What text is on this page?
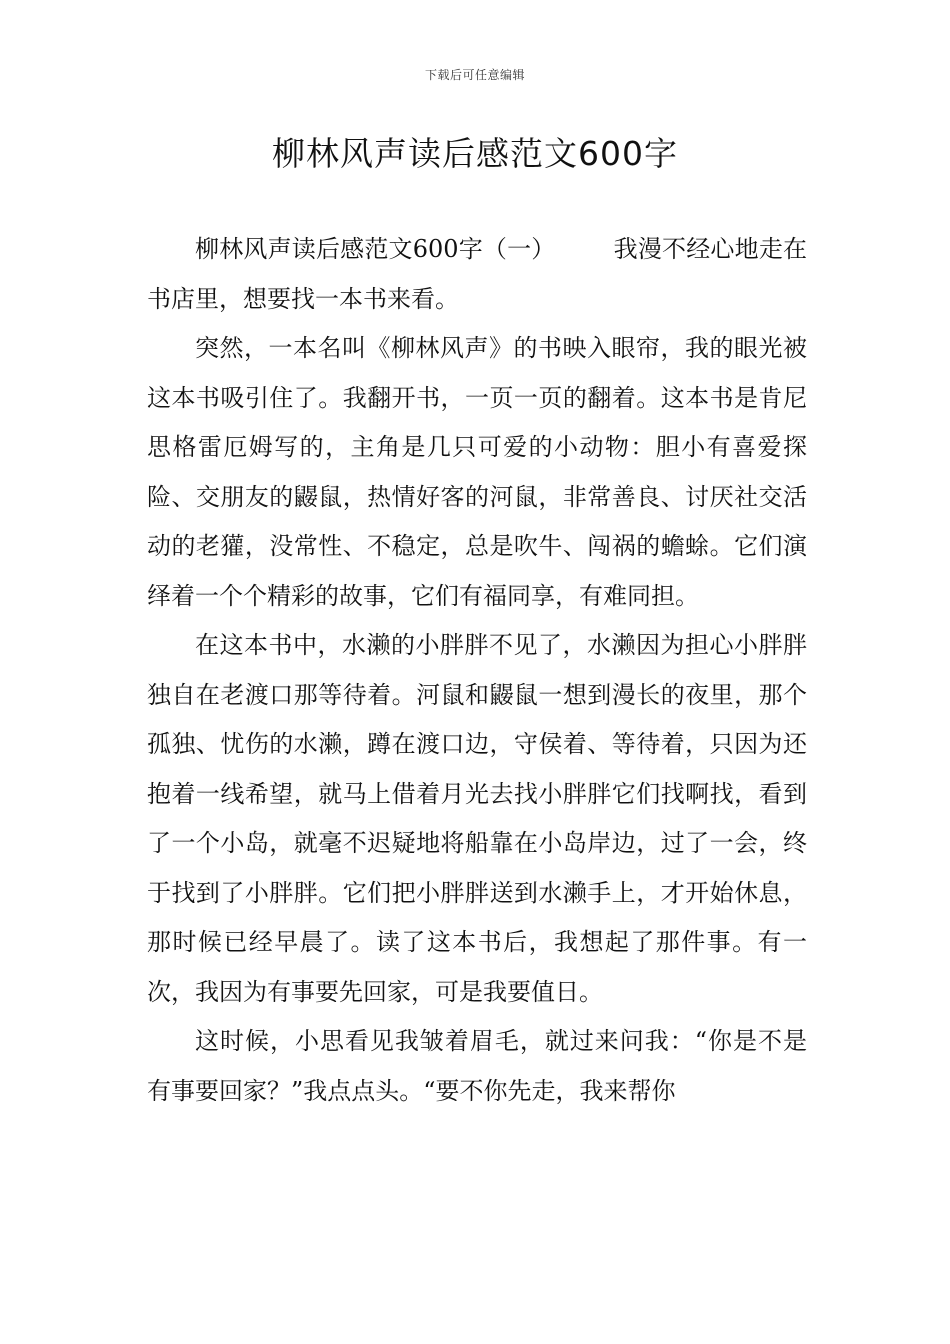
下载后可任意编辑
柳林风声读后感范文600字

柳林风声读后感范文600字（一） 我漫不经心地走在书店里，想要找一本书来看。

突然，一本名叫《柳林风声》的书映入眼帘，我的眼光被这本书吸引住了。我翻开书，一页一页的翻着。这本书是肯尼思格雷厄姆写的，主角是几只可爱的小动物：胆小有喜爱探险、交朋友的鼹鼠，热情好客的河鼠，非常善良、讨厌社交活动的老獾，没常性、不稳定，总是吹牛、闯祸的蟾蜍。它们演绎着一个个精彩的故事，它们有福同享，有难同担。

在这本书中，水濑的小胖胖不见了，水濑因为担心小胖胖独自在老渡口那等待着。河鼠和鼹鼠一想到漫长的夜里，那个孤独、忧伤的水濑，蹲在渡口边，守侯着、等待着，只因为还抱着一线希望，就马上借着月光去找小胖胖它们找啊找，看到了一个小岛，就毫不迟疑地将船靠在小岛岸边，过了一会，终于找到了小胖胖。它们把小胖胖送到水濑手上，才开始休息，那时候已经早晨了。读了这本书后，我想起了那件事。有一次，我因为有事要先回家，可是我要值日。

这时候，小思看见我皱着眉毛，就过来问我：“你是不是有事要回家？”我点点头。“要不你先走，我来帮你
